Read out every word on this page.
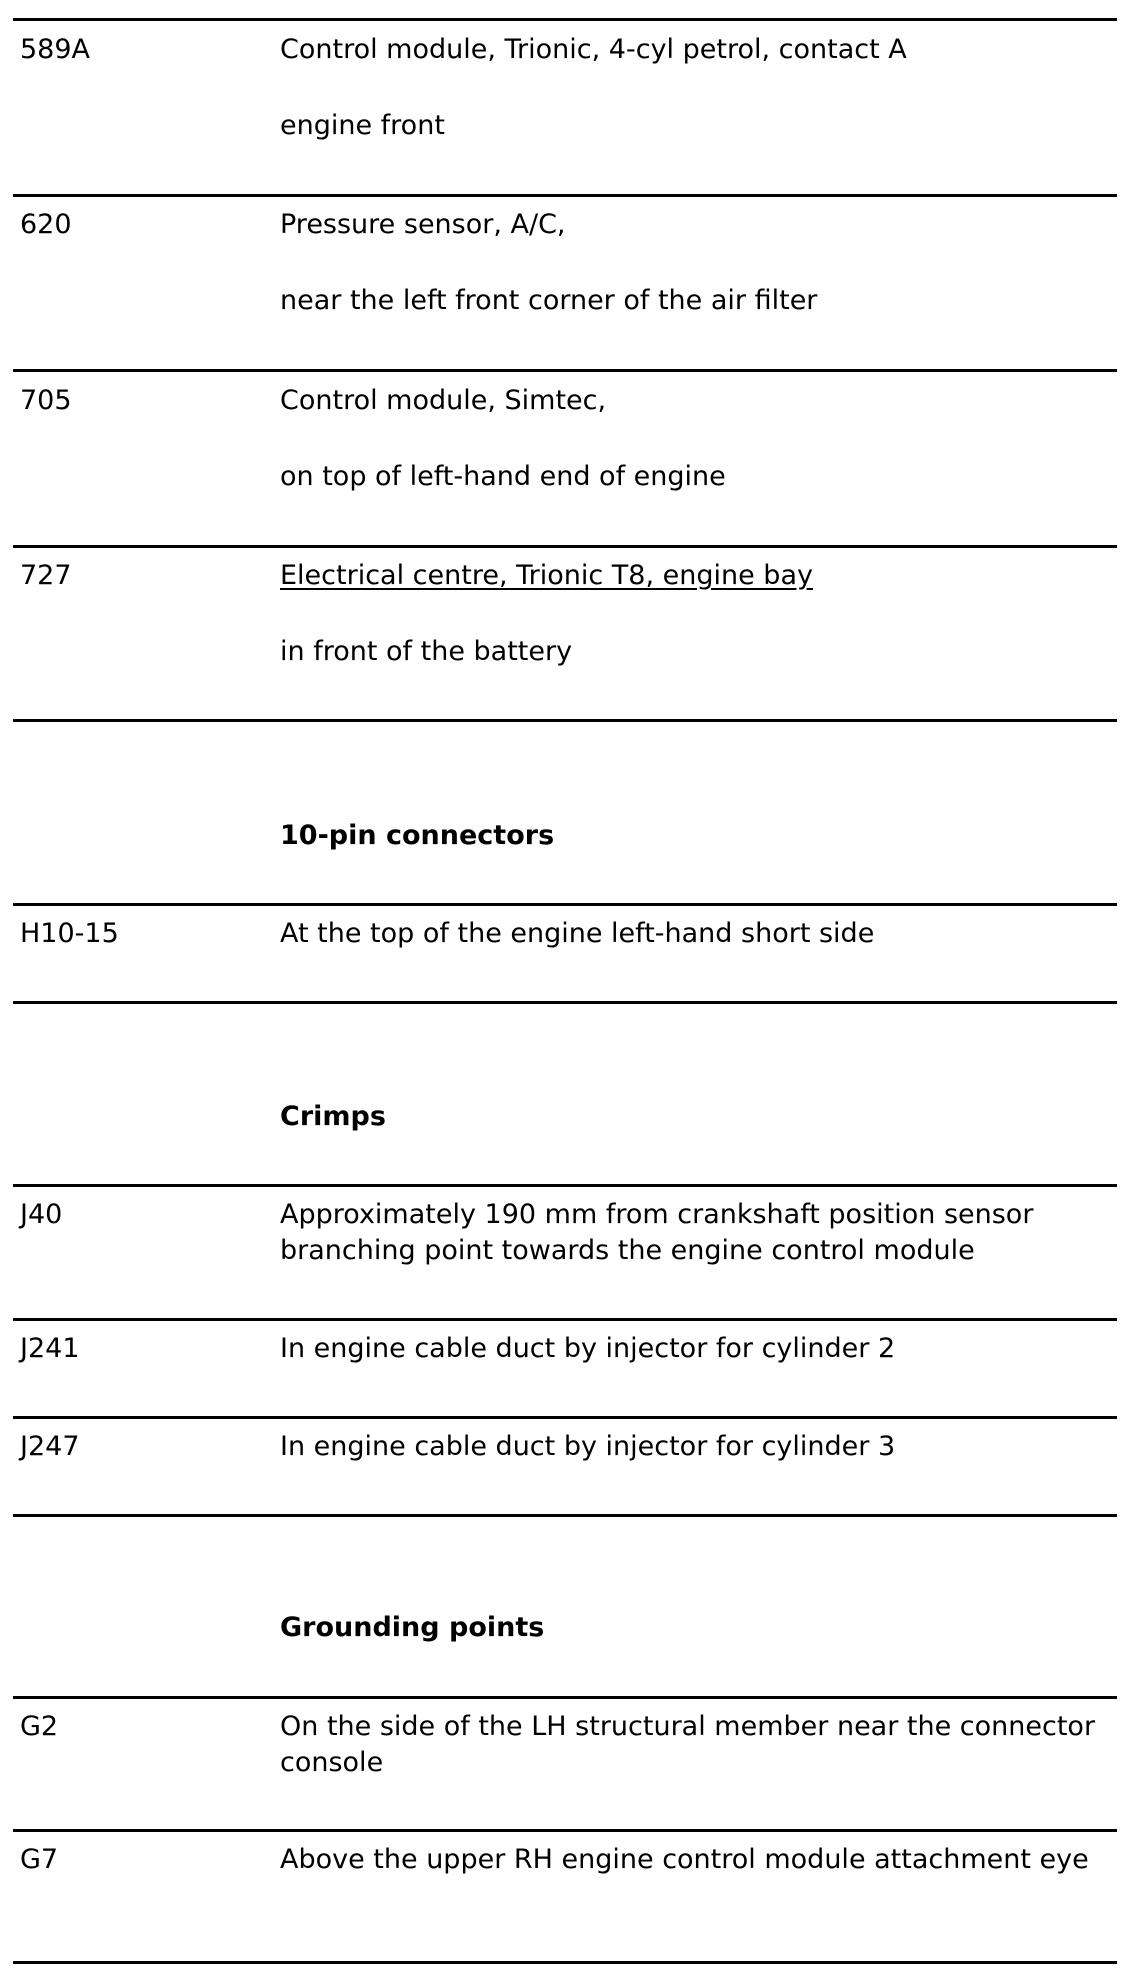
589A	Control module, Trionic, 4-cyl petrol, contact A
engine front
620	Pressure sensor, A/C,
near the left front corner of the air filter
705	Control module, Simtec,
on top of left-hand end of engine
727	Electrical centre, Trionic T8, engine bay
in front of the battery
10-pin connectors
H10-15	At the top of the engine left-hand short side
Crimps
J40	Approximately 190 mm from crankshaft position sensor branching point towards the engine control module
J241	In engine cable duct by injector for cylinder 2
J247	In engine cable duct by injector for cylinder 3
Grounding points
G2	On the side of the LH structural member near the connector console
G7	Above the upper RH engine control module attachment eye
